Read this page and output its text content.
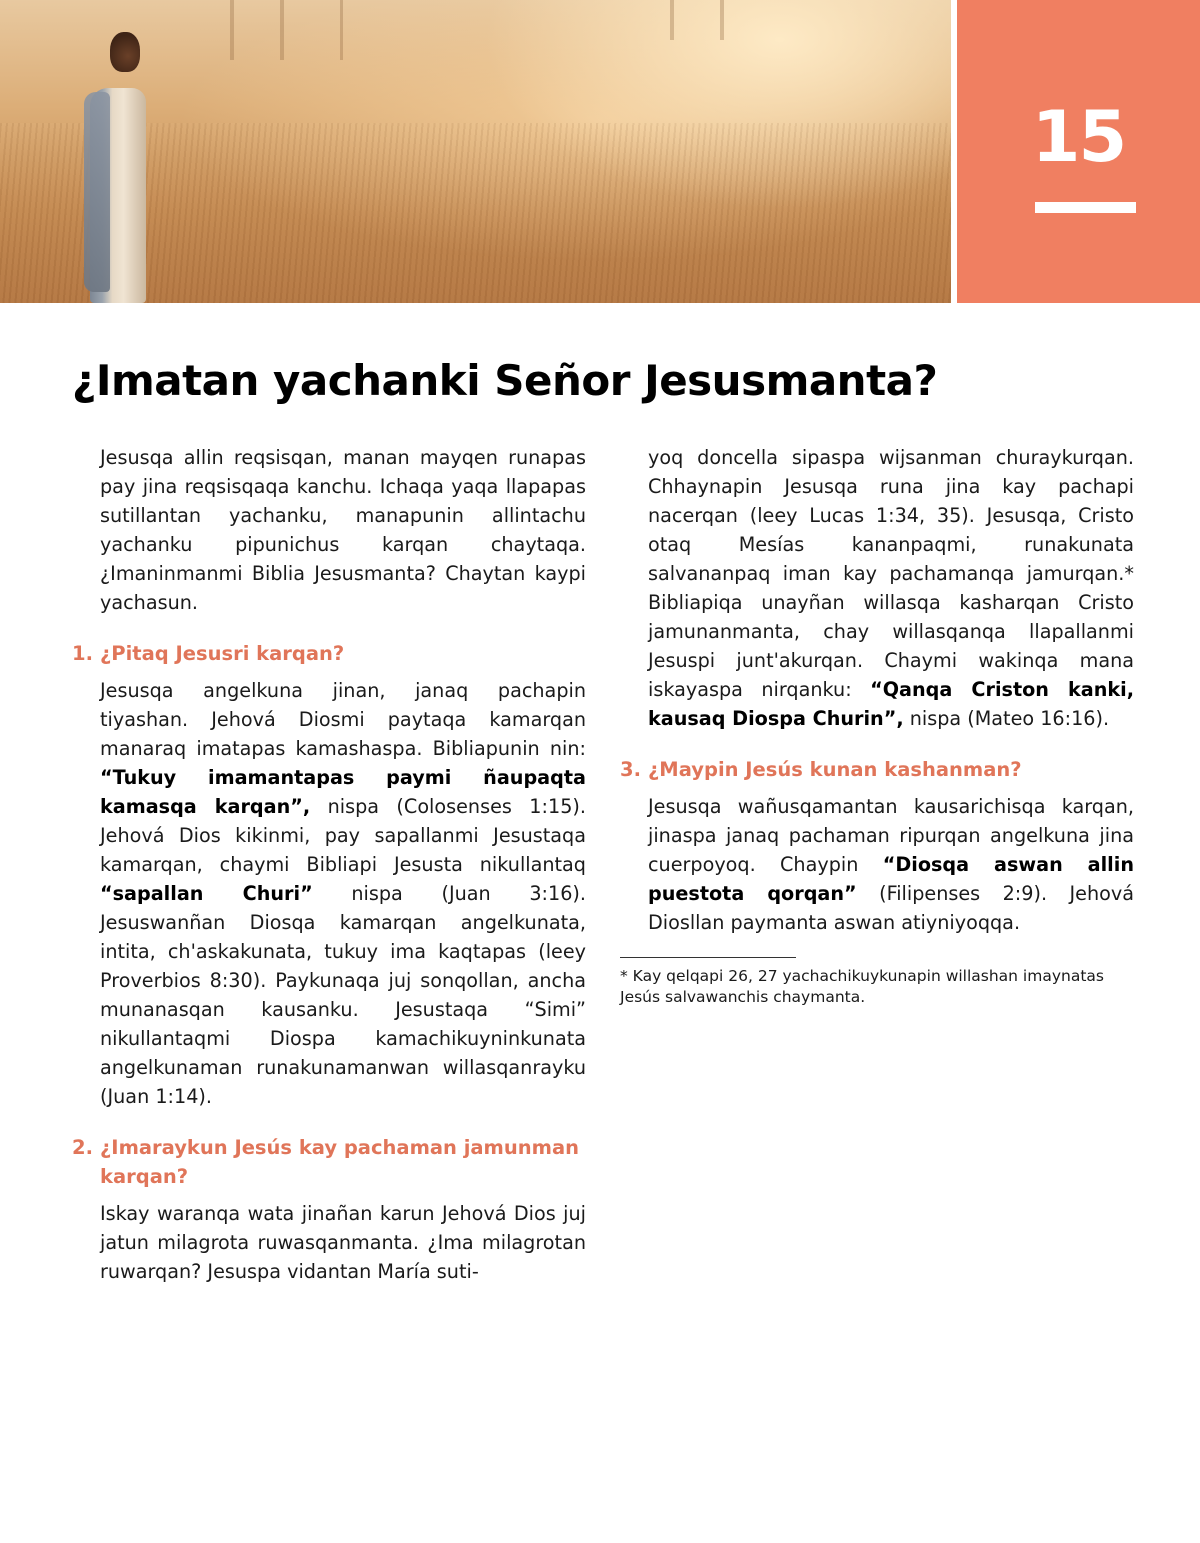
15
¿Imatan yachanki Señor Jesusmanta?

Jesusqa allin reqsisqan, manan mayqen runapas pay jina reqsisqaqa kanchu. Ichaqa yaqa llapapas sutillantan yachanku, manapunin allintachu yachanku pipunichus karqan chaytaqa. ¿Imaninmanmi Biblia Jesusmanta? Chaytan kaypi yachasun.

1. ¿Pitaq Jesusri karqan?

Jesusqa angelkuna jinan, janaq pachapin tiyashan. Jehová Diosmi paytaqa kamarqan manaraq imatapas kamashaspa. Bibliapunin nin: “Tukuy imamantapas paymi ñaupaqta kamasqa karqan”, nispa (Colosenses 1:15). Jehová Dios kikinmi, pay sapallanmi Jesustaqa kamarqan, chaymi Bibliapi Jesusta nikullantaq “sapallan Churi” nispa (Juan 3:16). Jesuswanñan Diosqa kamarqan angelkunata, intita, ch'askakunata, tukuy ima kaqtapas (leey Proverbios 8:30). Paykunaqa juj sonqollan, ancha munanasqan kausanku. Jesustaqa “Simi” nikullantaqmi Diospa kamachikuyninkunata angelkunaman runakunamanwan willasqanrayku (Juan 1:14).

2. ¿Imaraykun Jesús kay pachaman jamunman karqan?

Iskay waranqa wata jinañan karun Jehová Dios juj jatun milagrota ruwasqanmanta. ¿Ima milagrotan ruwarqan? Jesuspa vidantan María suti-

yoq doncella sipaspa wijsanman churaykurqan. Chhaynapin Jesusqa runa jina kay pachapi nacerqan (leey Lucas 1:34, 35). Jesusqa, Cristo otaq Mesías kananpaqmi, runakunata salvananpaq iman kay pachamanqa jamurqan.* Bibliapiqa unayñan willasqa kasharqan Cristo jamunanmanta, chay willasqanqa llapallanmi Jesuspi junt'akurqan. Chaymi wakinqa mana iskayaspa nirqanku: “Qanqa Criston kanki, kausaq Diospa Churin”, nispa (Mateo 16:16).

3. ¿Maypin Jesús kunan kashanman?

Jesusqa wañusqamantan kausarichisqa karqan, jinaspa janaq pachaman ripurqan angelkuna jina cuerpoyoq. Chaypin “Diosqa aswan allin puestota qorqan” (Filipenses 2:9). Jehová Diosllan paymanta aswan atiyniyoqqa.

* Kay qelqapi 26, 27 yachachikuykunapin willashan imaynatas Jesús salvawanchis chaymanta.
